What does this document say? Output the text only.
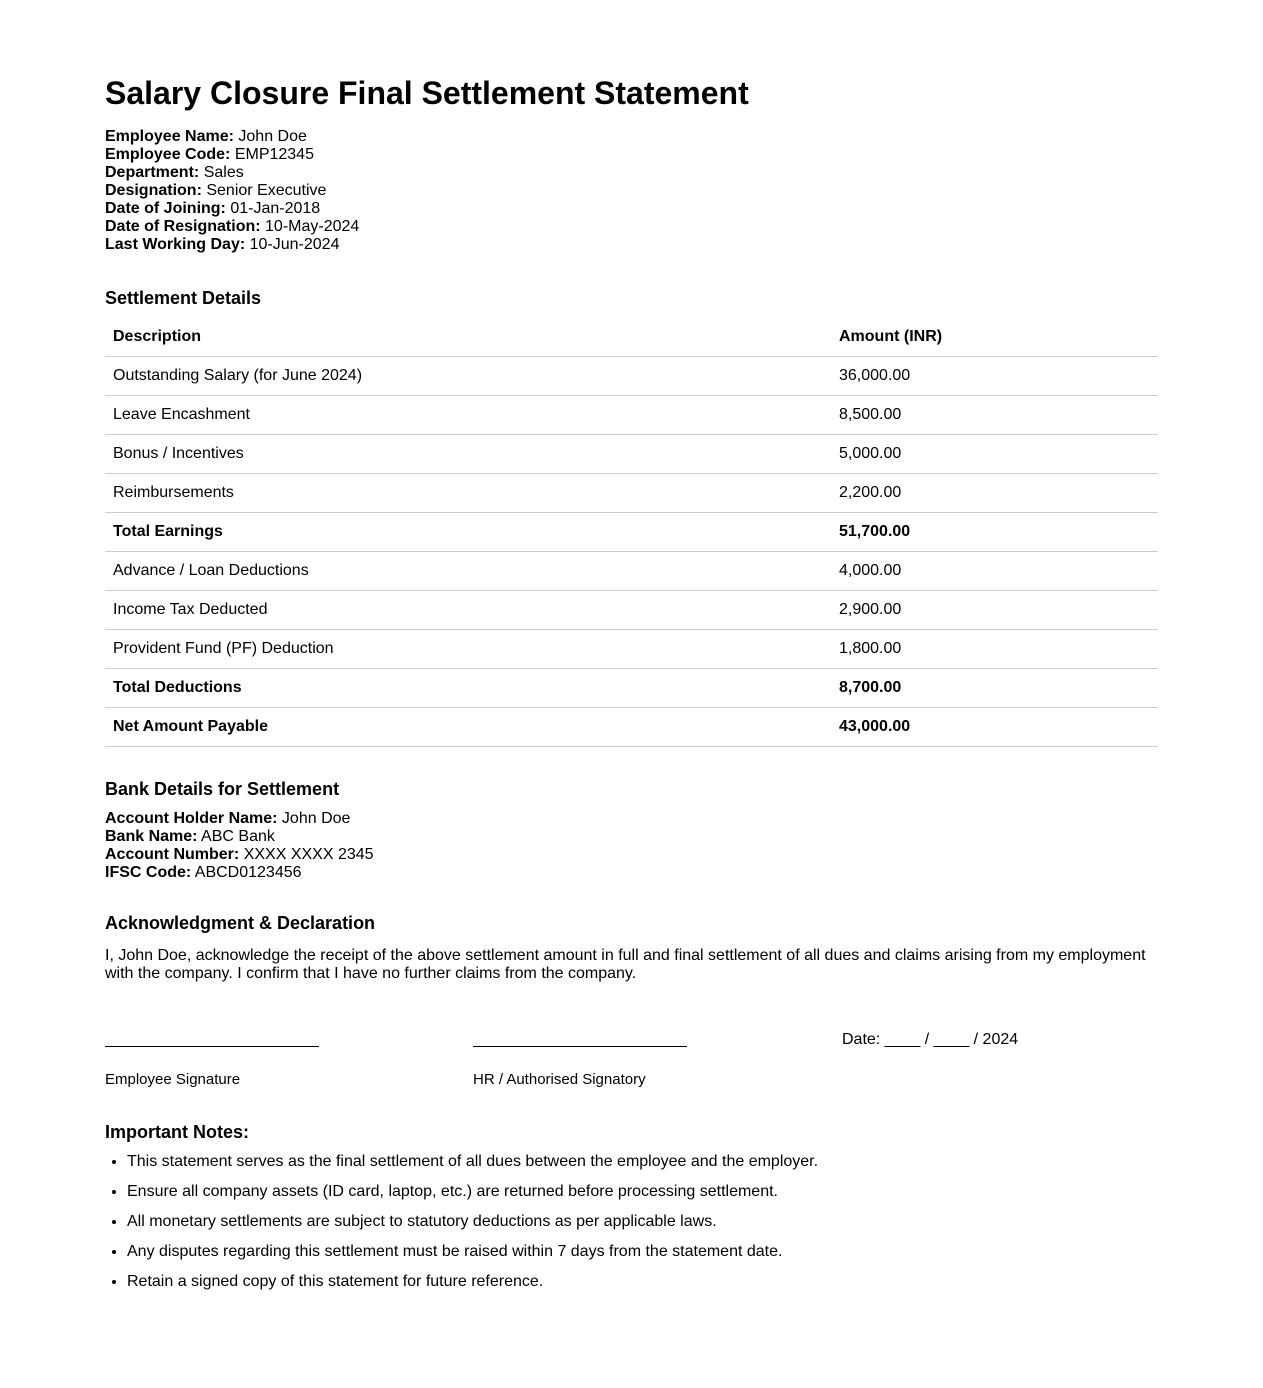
Salary Closure Final Settlement Statement
Employee Name: John Doe
Employee Code: EMP12345
Department: Sales
Designation: Senior Executive
Date of Joining: 01-Jan-2018
Date of Resignation: 10-May-2024
Last Working Day: 10-Jun-2024
Settlement Details
Description	Amount (INR)
Outstanding Salary (for June 2024)	36,000.00
Leave Encashment	8,500.00
Bonus / Incentives	5,000.00
Reimbursements	2,200.00
Total Earnings	51,700.00
Advance / Loan Deductions	4,000.00
Income Tax Deducted	2,900.00
Provident Fund (PF) Deduction	1,800.00
Total Deductions	8,700.00
Net Amount Payable	43,000.00
Bank Details for Settlement
Account Holder Name: John Doe
Bank Name: ABC Bank
Account Number: XXXX XXXX 2345
IFSC Code: ABCD0123456
Acknowledgment & Declaration
I, John Doe, acknowledge the receipt of the above settlement amount in full and final settlement of all dues and claims arising from my employment with the company. I confirm that I have no further claims from the company.
Employee Signature	HR / Authorised Signatory
Date: ____ / ____ / 2024
Important Notes:
• This statement serves as the final settlement of all dues between the employee and the employer.
• Ensure all company assets (ID card, laptop, etc.) are returned before processing settlement.
• All monetary settlements are subject to statutory deductions as per applicable laws.
• Any disputes regarding this settlement must be raised within 7 days from the statement date.
• Retain a signed copy of this statement for future reference.
